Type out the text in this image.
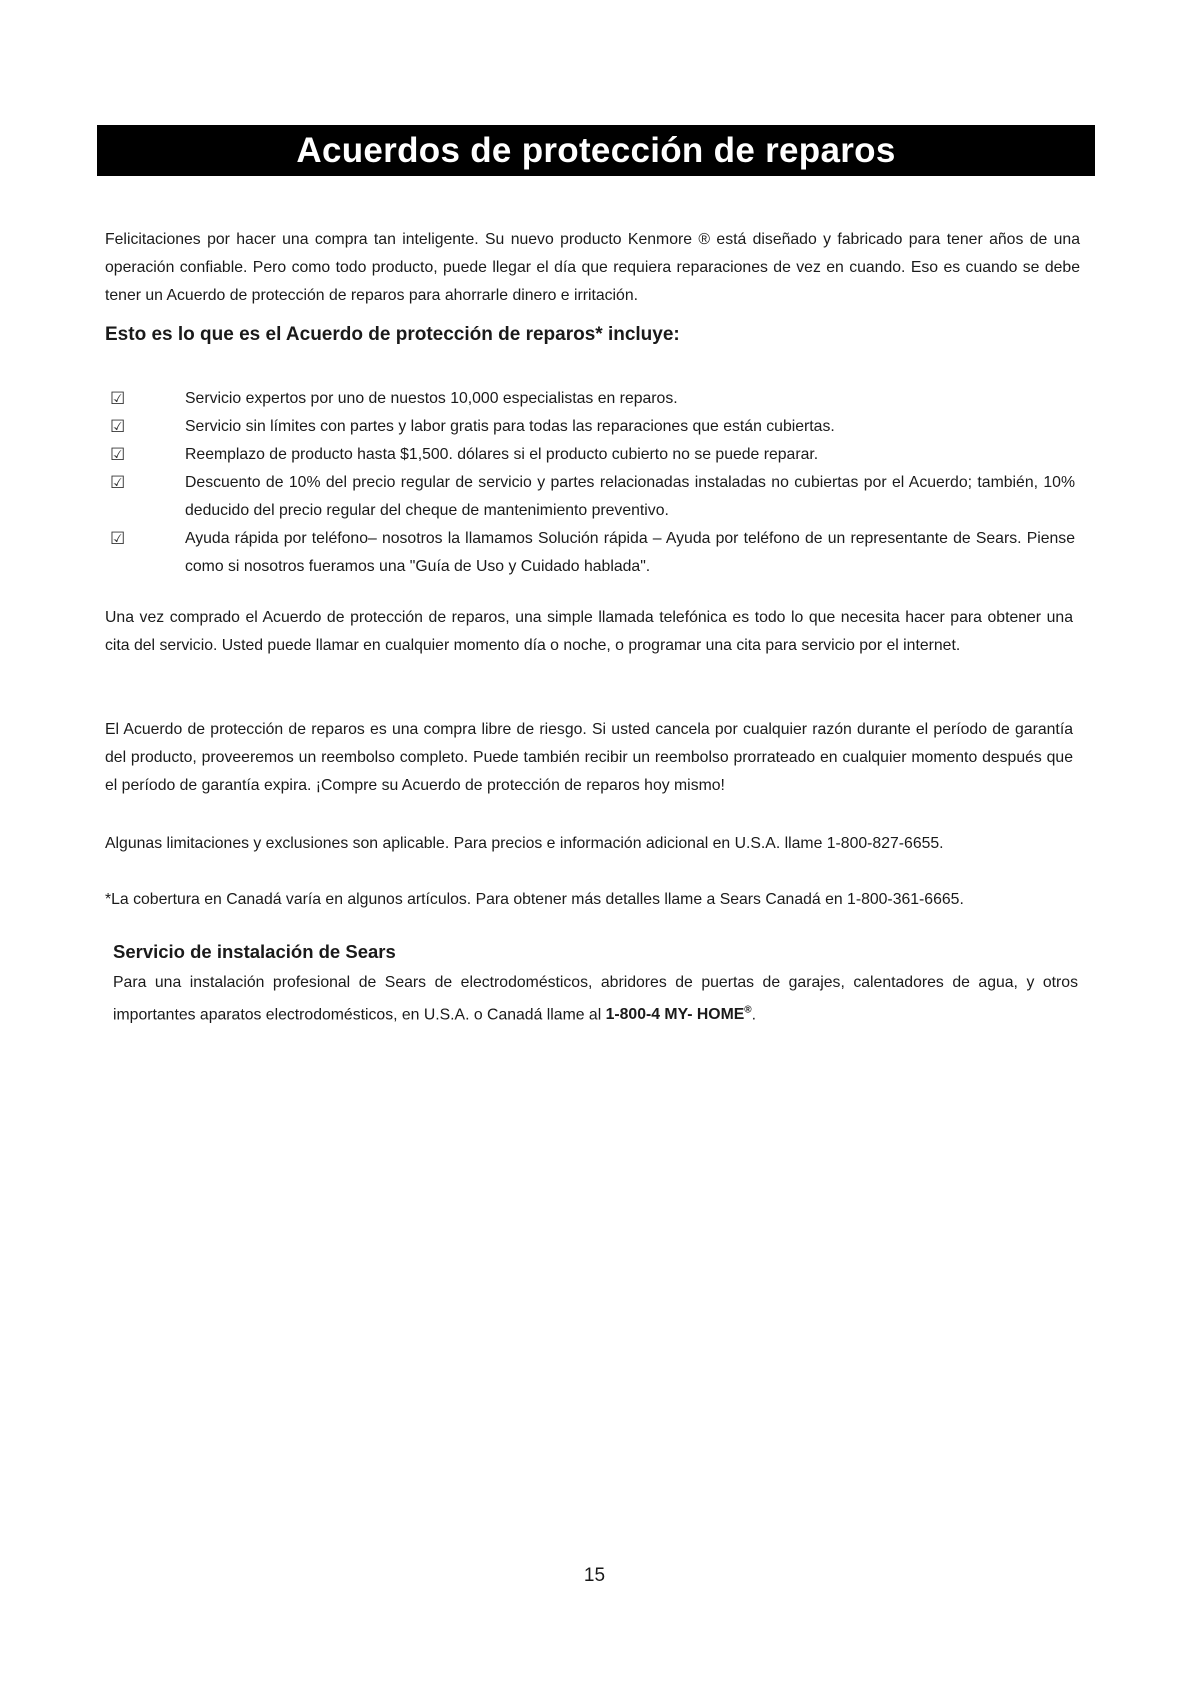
Acuerdos de protección de reparos
Felicitaciones por hacer una compra tan inteligente. Su nuevo producto Kenmore ® está diseñado y fabricado para tener años de una operación confiable. Pero como todo producto, puede llegar el día que requiera reparaciones de vez en cuando. Eso es cuando se debe tener un Acuerdo de protección de reparos para ahorrarle dinero e irritación.
Esto es lo que es el Acuerdo de protección de reparos* incluye:
☑	Servicio expertos por uno de nuestos 10,000 especialistas en reparos.
☑	Servicio sin límites con partes y labor gratis para todas las reparaciones que están cubiertas.
☑	Reemplazo de producto hasta $1,500. dólares si el producto cubierto no se puede reparar.
☑	Descuento de 10% del precio regular de servicio y partes relacionadas instaladas no cubiertas por el Acuerdo; también, 10% deducido del precio regular del cheque de mantenimiento preventivo.
☑	Ayuda rápida por teléfono– nosotros la llamamos Solución rápida – Ayuda por teléfono de un representante de Sears. Piense como si nosotros fueramos una "Guía de Uso y Cuidado hablada".
Una vez comprado el Acuerdo de protección de reparos, una simple llamada telefónica es todo lo que necesita hacer para obtener una cita del servicio. Usted puede llamar en cualquier momento día o noche, o programar una cita para servicio por el internet.
El Acuerdo de protección de reparos es una compra libre de riesgo. Si usted cancela por cualquier razón durante el período de garantía del producto, proveeremos un reembolso completo. Puede también recibir un reembolso prorrateado en cualquier momento después que el período de garantía expira. ¡Compre su Acuerdo de protección de reparos hoy mismo!
Algunas limitaciones y exclusiones son aplicable. Para precios e información adicional en U.S.A. llame 1-800-827-6655.
*La cobertura en Canadá varía en algunos artículos. Para obtener más detalles llame a Sears Canadá en 1-800-361-6665.
Servicio de instalación de Sears
Para una instalación profesional de Sears de electrodomésticos, abridores de puertas de garajes, calentadores de agua, y otros importantes aparatos electrodomésticos, en U.S.A. o Canadá llame al 1-800-4 MY- HOME®.
15
